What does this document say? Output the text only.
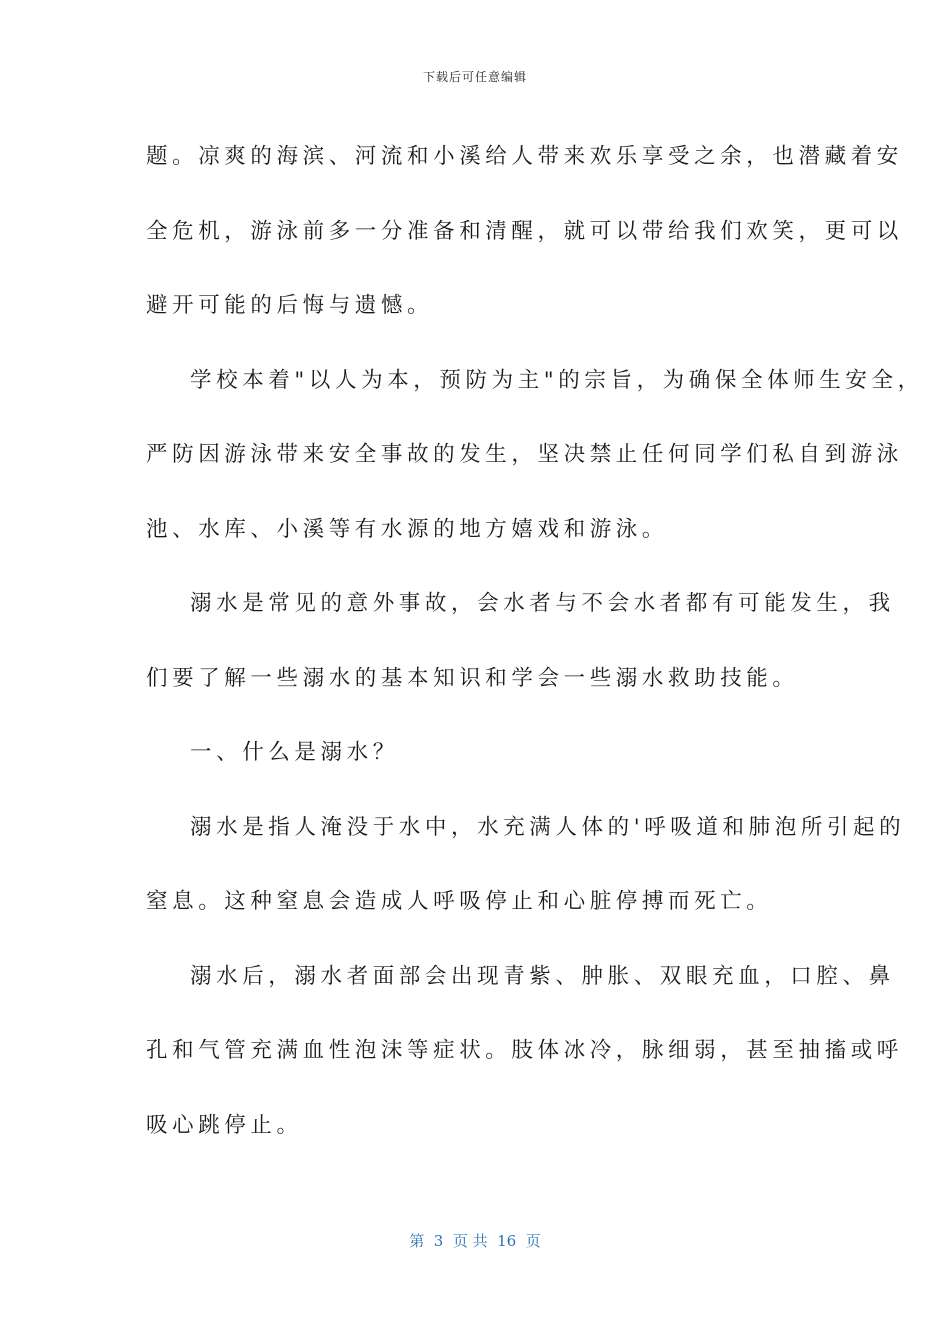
下载后可任意编辑

题。凉爽的海滨、河流和小溪给人带来欢乐享受之余，也潜藏着安
全危机，游泳前多一分准备和清醒，就可以带给我们欢笑，更可以
避开可能的后悔与遗憾。

学校本着"以人为本，预防为主"的宗旨，为确保全体师生安全，
严防因游泳带来安全事故的发生，坚决禁止任何同学们私自到游泳
池、水库、小溪等有水源的地方嬉戏和游泳。

溺水是常见的意外事故，会水者与不会水者都有可能发生，我
们要了解一些溺水的基本知识和学会一些溺水救助技能。

一、什么是溺水？

溺水是指人淹没于水中，水充满人体的'呼吸道和肺泡所引起的
窒息。这种窒息会造成人呼吸停止和心脏停搏而死亡。

溺水后，溺水者面部会出现青紫、肿胀、双眼充血，口腔、鼻
孔和气管充满血性泡沫等症状。肢体冰冷，脉细弱，甚至抽搐或呼
吸心跳停止。

第  3  页 共  16  页
